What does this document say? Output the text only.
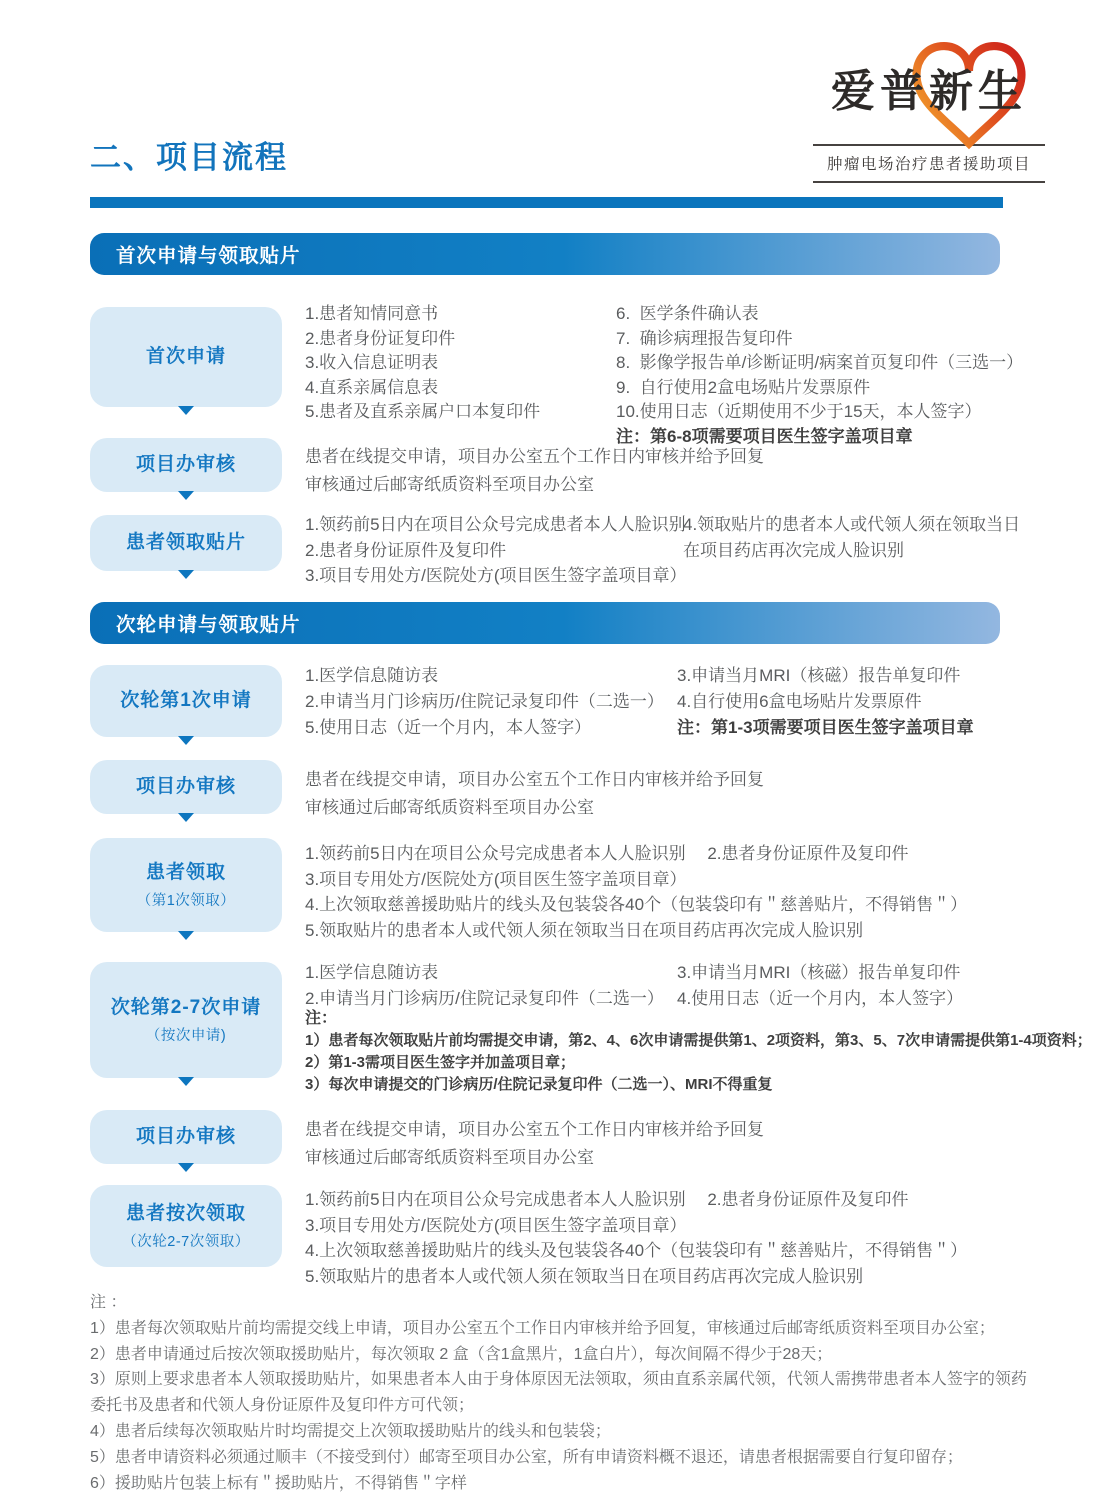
爱普新生
肿瘤电场治疗患者援助项目
二、项目流程
首次申请与领取贴片
首次申请
1.患者知情同意书
2.患者身份证复印件
3.收入信息证明表
4.直系亲属信息表
5.患者及直系亲属户口本复印件
6.  医学条件确认表
7.  确诊病理报告复印件
8.  影像学报告单/诊断证明/病案首页复印件（三选一）
9.  自行使用2盒电场贴片发票原件
10.使用日志（近期使用不少于15天，本人签字）
注：第6-8项需要项目医生签字盖项目章
项目办审核	患者在线提交申请，项目办公室五个工作日内审核并给予回复
审核通过后邮寄纸质资料至项目办公室
患者领取贴片
1.领药前5日内在项目公众号完成患者本人人脸识别
2.患者身份证原件及复印件
3.项目专用处方/医院处方(项目医生签字盖项目章）
4.领取贴片的患者本人或代领人须在领取当日
在项目药店再次完成人脸识别
次轮申请与领取贴片
次轮第1次申请
1.医学信息随访表
2.申请当月门诊病历/住院记录复印件（二选一）
5.使用日志（近一个月内，本人签字）
3.申请当月MRI（核磁）报告单复印件
4.自行使用6盒电场贴片发票原件
注：第1-3项需要项目医生签字盖项目章
项目办审核	患者在线提交申请，项目办公室五个工作日内审核并给予回复
审核通过后邮寄纸质资料至项目办公室
患者领取
（第1次领取）
1.领药前5日内在项目公众号完成患者本人人脸识别　 2.患者身份证原件及复印件
3.项目专用处方/医院处方(项目医生签字盖项目章）
4.上次领取慈善援助贴片的线头及包装袋各40个（包装袋印有＂慈善贴片，不得销售＂）
5.领取贴片的患者本人或代领人须在领取当日在项目药店再次完成人脸识别
次轮第2-7次申请
（按次申请)
1.医学信息随访表
2.申请当月门诊病历/住院记录复印件（二选一）
3.申请当月MRI（核磁）报告单复印件
4.使用日志（近一个月内，本人签字）
注：
1）患者每次领取贴片前均需提交申请，第2、4、6次申请需提供第1、2项资料，第3、5、7次申请需提供第1-4项资料；
2）第1-3需项目医生签字并加盖项目章；
3）每次申请提交的门诊病历/住院记录复印件（二选一）、MRI不得重复
项目办审核	患者在线提交申请，项目办公室五个工作日内审核并给予回复
审核通过后邮寄纸质资料至项目办公室
患者按次领取
（次轮2-7次领取）
1.领药前5日内在项目公众号完成患者本人人脸识别　 2.患者身份证原件及复印件
3.项目专用处方/医院处方(项目医生签字盖项目章）
4.上次领取慈善援助贴片的线头及包装袋各40个（包装袋印有＂慈善贴片，不得销售＂）
5.领取贴片的患者本人或代领人须在领取当日在项目药店再次完成人脸识别
注 ：
1）患者每次领取贴片前均需提交线上申请，项目办公室五个工作日内审核并给予回复，审核通过后邮寄纸质资料至项目办公室；
2）患者申请通过后按次领取援助贴片，每次领取 2 盒（含1盒黑片，1盒白片），每次间隔不得少于28天；
3）原则上要求患者本人领取援助贴片，如果患者本人由于身体原因无法领取，须由直系亲属代领，代领人需携带患者本人签字的领药委托书及患者和代领人身份证原件及复印件方可代领；
4）患者后续每次领取贴片时均需提交上次领取援助贴片的线头和包装袋；
5）患者申请资料必须通过顺丰（不接受到付）邮寄至项目办公室，所有申请资料概不退还，请患者根据需要自行复印留存；
6）援助贴片包装上标有＂援助贴片，不得销售＂字样
